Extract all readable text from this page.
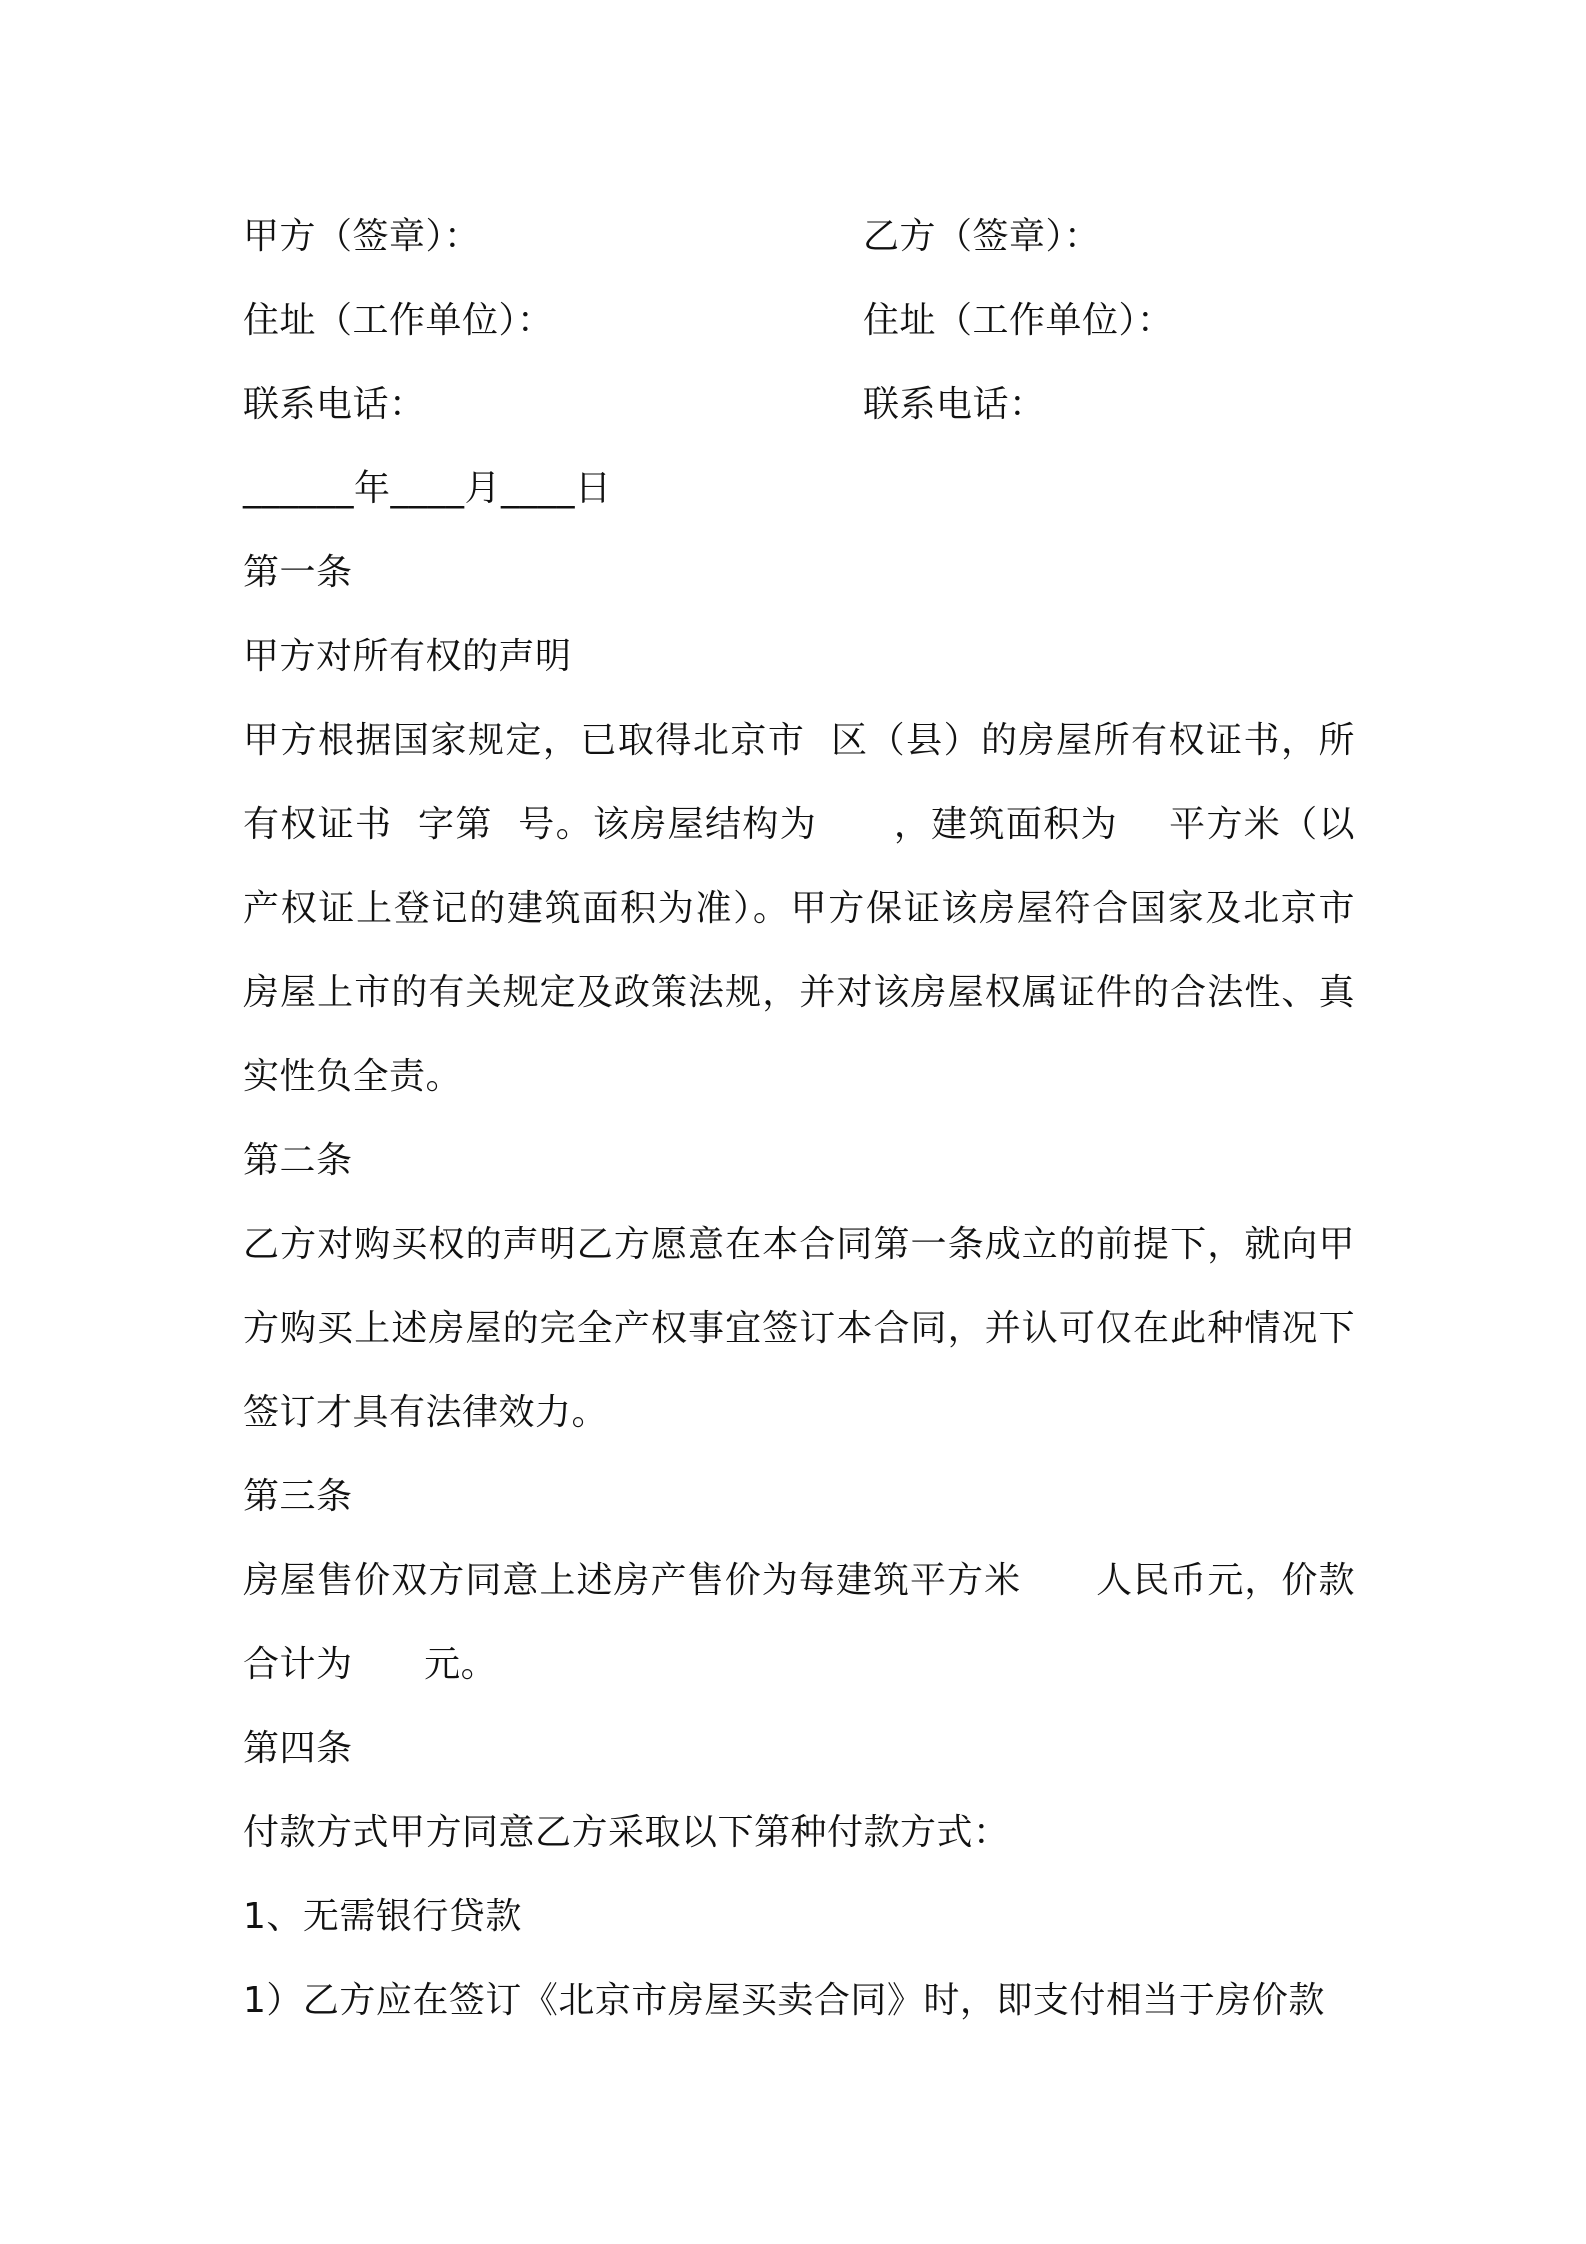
甲方（签章）：	乙方（签章）：
住址（工作单位）：	住址（工作单位）：
联系电话：	联系电话：
______年____月____日
第一条
甲方对所有权的声明
甲方根据国家规定，已取得北京市  区（县）的房屋所有权证书，所有权证书  字第  号。该房屋结构为      ，建筑面积为    平方米（以产权证上登记的建筑面积为准）。甲方保证该房屋符合国家及北京市房屋上市的有关规定及政策法规，并对该房屋权属证件的合法性、真实性负全责。
第二条
乙方对购买权的声明乙方愿意在本合同第一条成立的前提下，就向甲方购买上述房屋的完全产权事宜签订本合同，并认可仅在此种情况下签订才具有法律效力。
第三条
房屋售价双方同意上述房产售价为每建筑平方米      人民币元，价款合计为      元。
第四条
付款方式甲方同意乙方采取以下第种付款方式：
1、无需银行贷款
1）乙方应在签订《北京市房屋买卖合同》时，即支付相当于房价款
